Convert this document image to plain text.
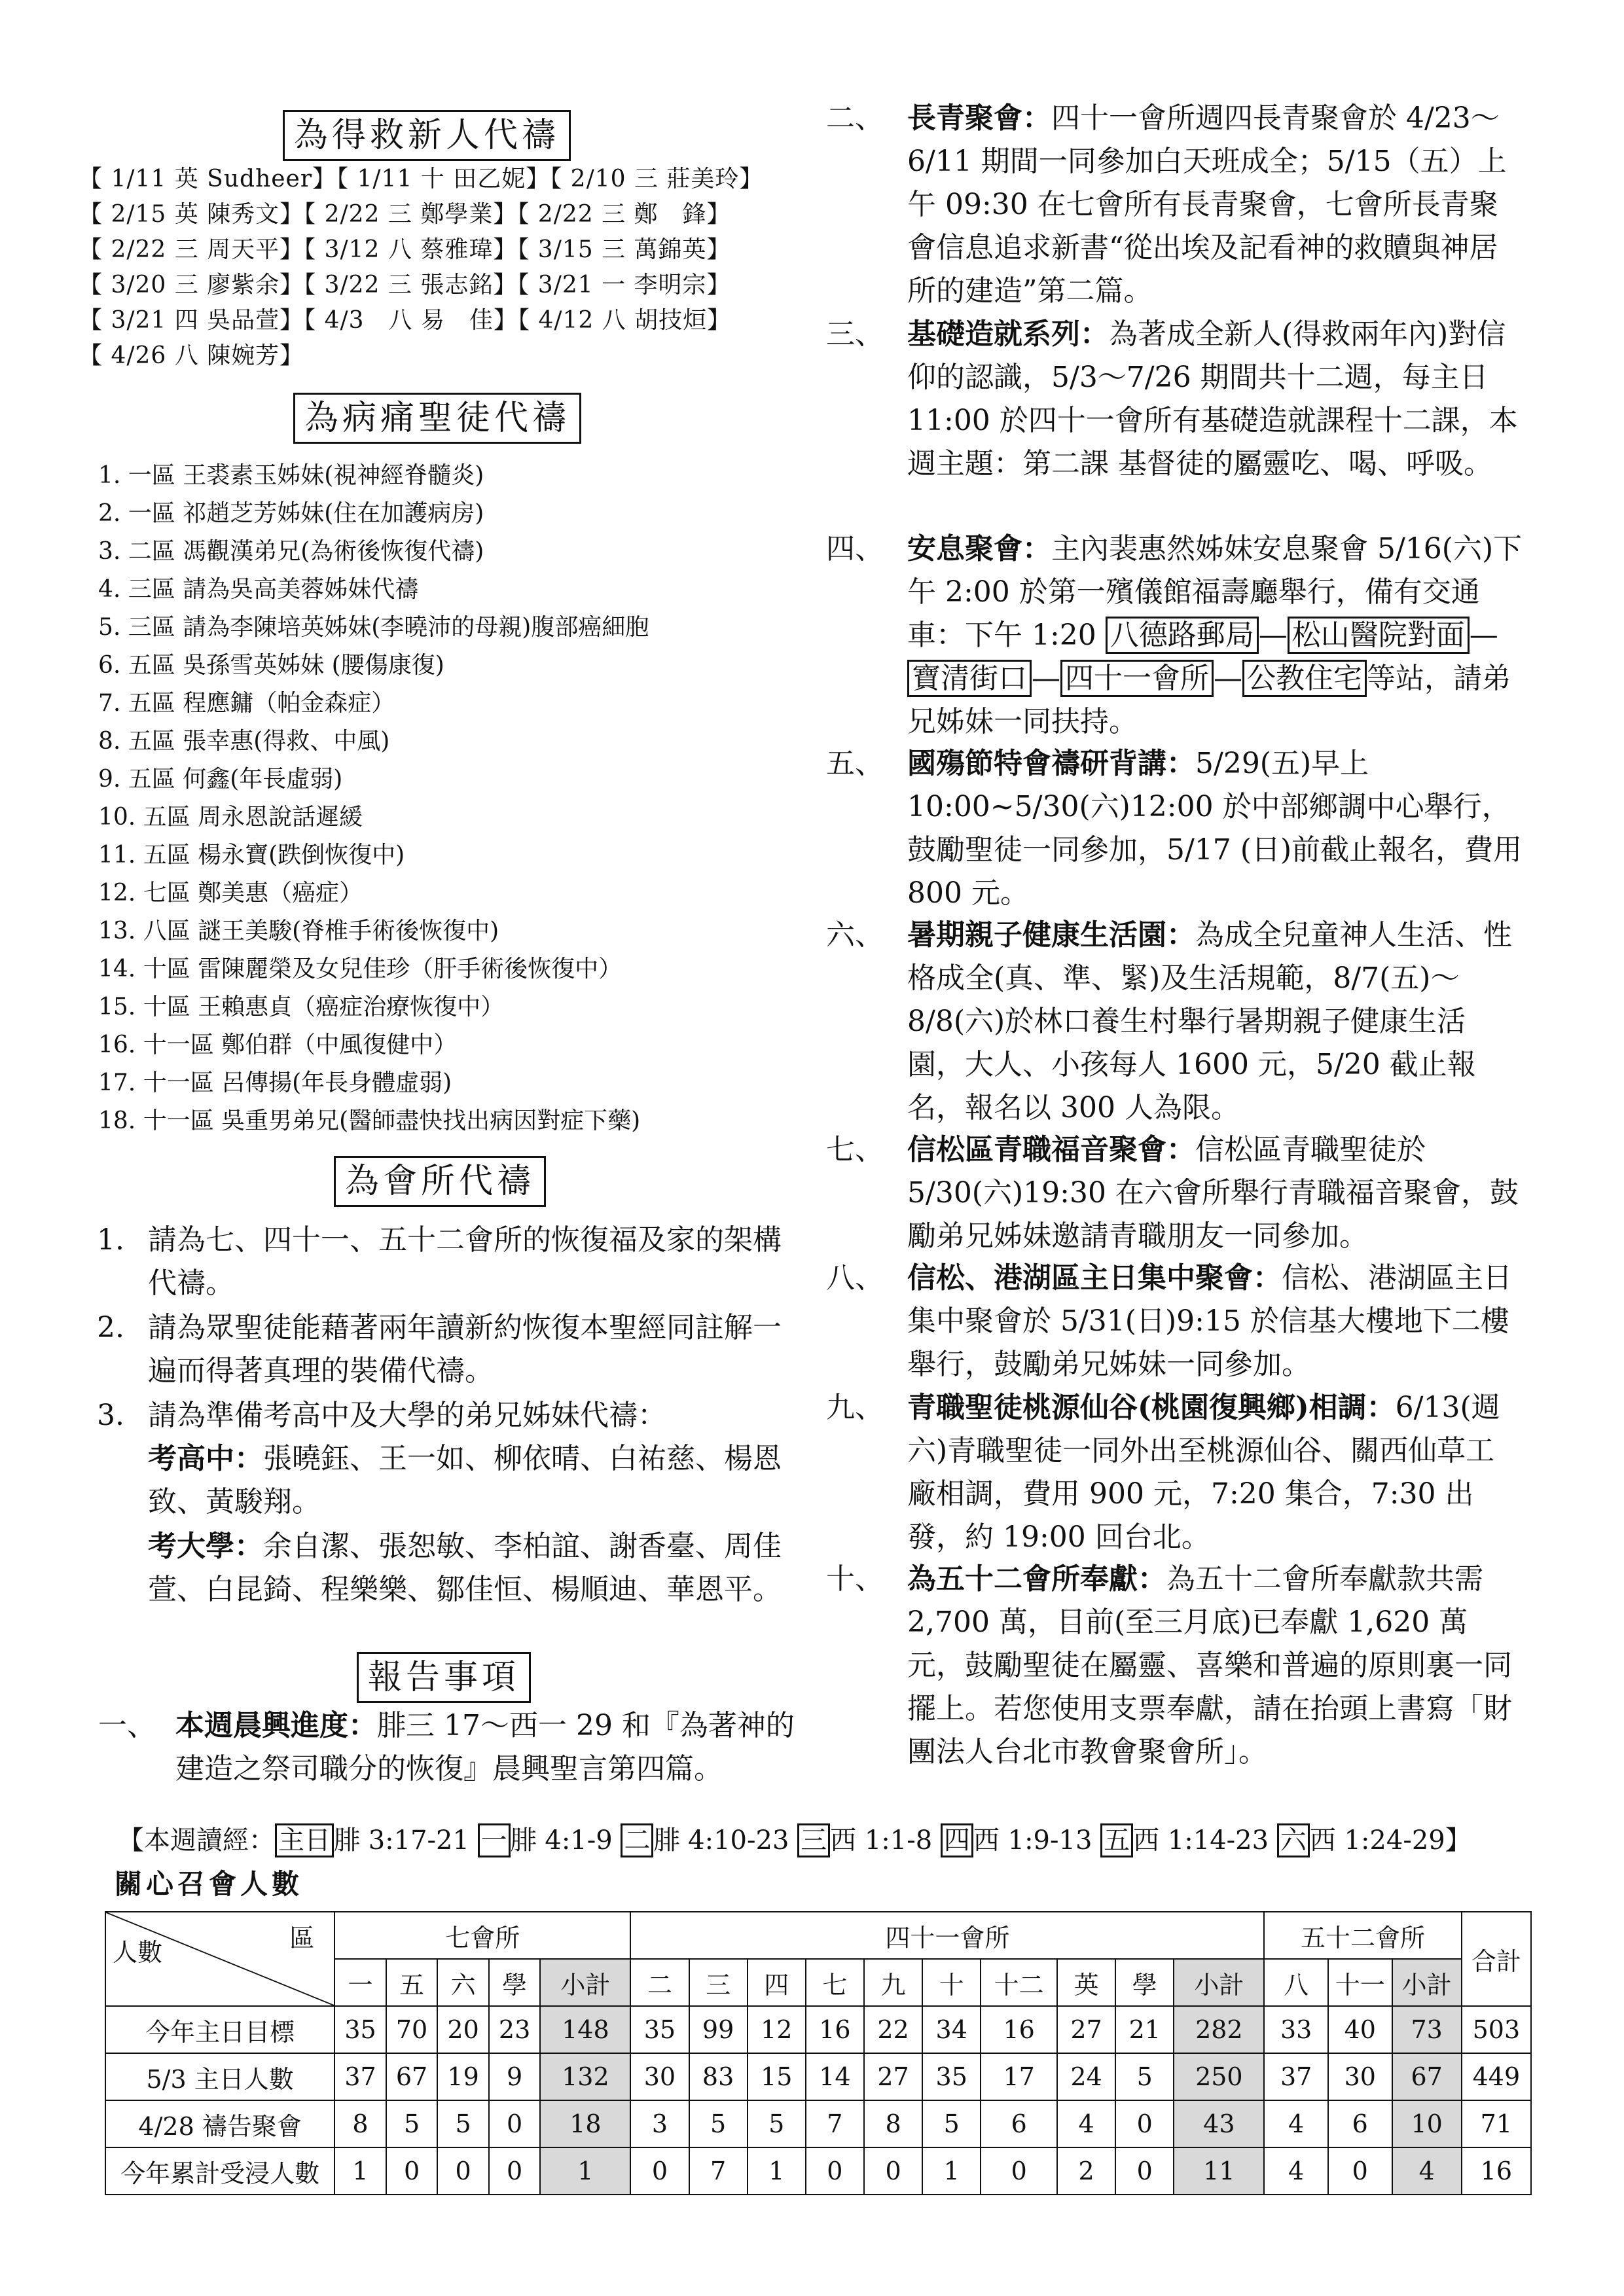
為得救新人代禱
【 1/11 英 Sudheer】【 1/11 十 田乙妮】【 2/10 三 莊美玲】
【 2/15 英 陳秀文】【 2/22 三 鄭學業】【 2/22 三 鄭　鋒】
【 2/22 三 周天平】【 3/12 八 蔡雅瑋】【 3/15 三 萬錦英】
【 3/20 三 廖紫余】【 3/22 三 張志銘】【 3/21 一 李明宗】
【 3/21 四 吳品萱】【 4/3　八 易　佳】【 4/12 八 胡技烜】
【 4/26 八 陳婉芳】
為病痛聖徒代禱
1. 一區 王裘素玉姊妹(視神經脊髓炎)
2. 一區 祁趙芝芳姊妹(住在加護病房)
3. 二區 馮觀漢弟兄(為術後恢復代禱)
4. 三區 請為吳高美蓉姊妹代禱
5. 三區 請為李陳培英姊妹(李曉沛的母親)腹部癌細胞
6. 五區 吳孫雪英姊妹 (腰傷康復)
7. 五區 程應鏞（帕金森症）
8. 五區 張幸惠(得救、中風)
9. 五區 何鑫(年長虛弱)
10. 五區 周永恩說話遲緩
11. 五區 楊永寶(跌倒恢復中)
12. 七區 鄭美惠（癌症）
13. 八區 謎王美駿(脊椎手術後恢復中)
14. 十區 雷陳麗榮及女兒佳珍（肝手術後恢復中）
15. 十區 王賴惠貞（癌症治療恢復中）
16. 十一區 鄭伯群（中風復健中）
17. 十一區 呂傳揚(年長身體虛弱)
18. 十一區 吳重男弟兄(醫師盡快找出病因對症下藥)
為會所代禱
1. 請為七、四十一、五十二會所的恢復福及家的架構代禱。
2. 請為眾聖徒能藉著兩年讀新約恢復本聖經同註解一遍而得著真理的裝備代禱。
3. 請為準備考高中及大學的弟兄姊妹代禱：
考高中：張曉鈺、王一如、柳依晴、白祐慈、楊恩致、黃駿翔。
考大學：余自潔、張恕敏、李柏誼、謝香臺、周佳萱、白昆錡、程樂樂、鄒佳恒、楊順迪、華恩平。
報告事項
一、 本週晨興進度：腓三 17～西一 29 和『為著神的建造之祭司職分的恢復』晨興聖言第四篇。
二、 長青聚會：四十一會所週四長青聚會於 4/23～6/11 期間一同參加白天班成全；5/15（五）上午 09:30 在七會所有長青聚會，七會所長青聚會信息追求新書“從出埃及記看神的救贖與神居所的建造”第二篇。
三、 基礎造就系列：為著成全新人(得救兩年內)對信仰的認識，5/3～7/26 期間共十二週，每主日 11:00 於四十一會所有基礎造就課程十二課，本週主題：第二課 基督徒的屬靈吃、喝、呼吸。
四、 安息聚會：主內裴惠然姊妹安息聚會 5/16(六)下午 2:00 於第一殯儀館福壽廳舉行，備有交通車：下午 1:20 八德路郵局 — 松山醫院對面 —寶清街口 — 四十一會所 — 公教住宅 等站，請弟兄姊妹一同扶持。
五、 國殤節特會禱研背講：5/29(五)早上 10:00~5/30(六)12:00 於中部鄉調中心舉行，鼓勵聖徒一同參加，5/17 (日)前截止報名，費用 800 元。
六、 暑期親子健康生活園：為成全兒童神人生活、性格成全(真、準、緊)及生活規範，8/7(五)～8/8(六)於林口養生村舉行暑期親子健康生活園，大人、小孩每人 1600 元，5/20 截止報名，報名以 300 人為限。
七、 信松區青職福音聚會：信松區青職聖徒於 5/30(六)19:30 在六會所舉行青職福音聚會，鼓勵弟兄姊妹邀請青職朋友一同參加。
八、 信松、港湖區主日集中聚會：信松、港湖區主日集中聚會於 5/31(日)9:15 於信基大樓地下二樓舉行，鼓勵弟兄姊妹一同參加。
九、 青職聖徒桃源仙谷(桃園復興鄉)相調：6/13(週六)青職聖徒一同外出至桃源仙谷、關西仙草工廠相調，費用 900 元，7:20 集合，7:30 出發，約 19:00 回台北。
十、 為五十二會所奉獻：為五十二會所奉獻款共需 2,700 萬，目前(至三月底)已奉獻 1,620 萬元，鼓勵聖徒在屬靈、喜樂和普遍的原則裏一同擺上。若您使用支票奉獻，請在抬頭上書寫「財團法人台北市教會聚會所」。
【本週讀經： 主日 腓 3:17-21 一 腓 4:1-9 二 腓 4:10-23 三 西 1:1-8 四 西 1:9-13 五 西 1:14-23 六 西 1:24-29】
關心召會人數
區
人數	七會所					四十一會所										五十二會所			合計
	一	五	六	學	小計	二	三	四	七	九	十	十二	英	學	小計	八	十一	小計	
今年主日目標	35	70	20	23	148	35	99	12	16	22	34	16	27	21	282	33	40	73	503
5/3 主日人數	37	67	19	9	132	30	83	15	14	27	35	17	24	5	250	37	30	67	449
4/28 禱告聚會	8	5	5	0	18	3	5	5	7	8	5	6	4	0	43	4	6	10	71
今年累計受浸人數	1	0	0	0	1	0	7	1	0	0	1	0	2	0	11	4	0	4	16
